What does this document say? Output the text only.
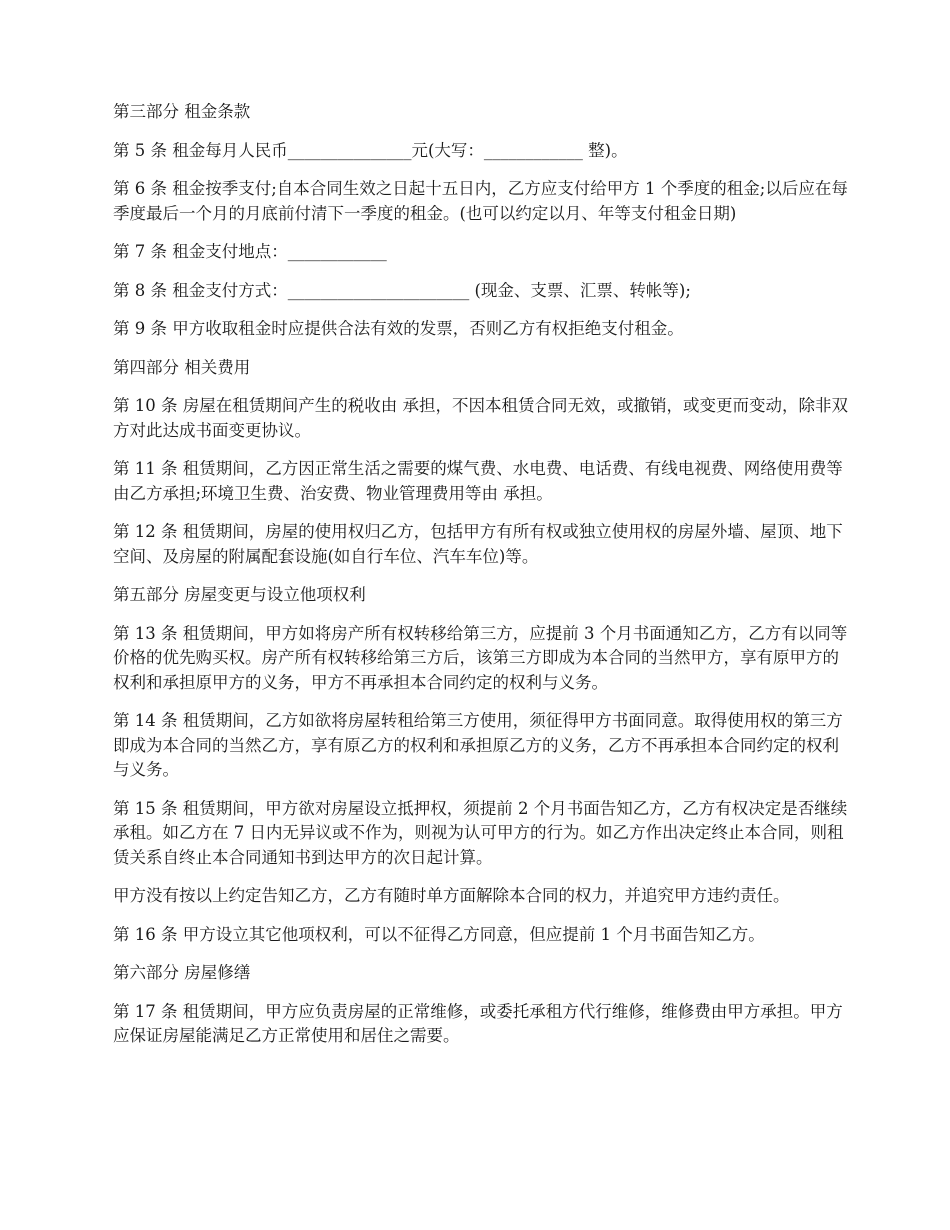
第三部分 租金条款

第 5 条 租金每月人民币_______________元(大写：____________ 整)。

第 6 条 租金按季支付;自本合同生效之日起十五日内，乙方应支付给甲方 1 个季度的租金;以后应在每季度最后一个月的月底前付清下一季度的租金。(也可以约定以月、年等支付租金日期)

第 7 条 租金支付地点：____________

第 8 条 租金支付方式：______________________ (现金、支票、汇票、转帐等);

第 9 条 甲方收取租金时应提供合法有效的发票，否则乙方有权拒绝支付租金。

第四部分 相关费用

第 10 条 房屋在租赁期间产生的税收由 承担，不因本租赁合同无效，或撤销，或变更而变动，除非双方对此达成书面变更协议。

第 11 条 租赁期间，乙方因正常生活之需要的煤气费、水电费、电话费、有线电视费、网络使用费等由乙方承担;环境卫生费、治安费、物业管理费用等由 承担。

第 12 条 租赁期间，房屋的使用权归乙方，包括甲方有所有权或独立使用权的房屋外墙、屋顶、地下空间、及房屋的附属配套设施(如自行车位、汽车车位)等。

第五部分 房屋变更与设立他项权利

第 13 条 租赁期间，甲方如将房产所有权转移给第三方，应提前 3 个月书面通知乙方，乙方有以同等价格的优先购买权。房产所有权转移给第三方后，该第三方即成为本合同的当然甲方，享有原甲方的权利和承担原甲方的义务，甲方不再承担本合同约定的权利与义务。

第 14 条 租赁期间，乙方如欲将房屋转租给第三方使用，须征得甲方书面同意。取得使用权的第三方即成为本合同的当然乙方，享有原乙方的权利和承担原乙方的义务，乙方不再承担本合同约定的权利与义务。

第 15 条 租赁期间，甲方欲对房屋设立抵押权，须提前 2 个月书面告知乙方，乙方有权决定是否继续承租。如乙方在 7 日内无异议或不作为，则视为认可甲方的行为。如乙方作出决定终止本合同，则租赁关系自终止本合同通知书到达甲方的次日起计算。

甲方没有按以上约定告知乙方，乙方有随时单方面解除本合同的权力，并追究甲方违约责任。

第 16 条 甲方设立其它他项权利，可以不征得乙方同意，但应提前 1 个月书面告知乙方。

第六部分 房屋修缮

第 17 条 租赁期间，甲方应负责房屋的正常维修，或委托承租方代行维修，维修费由甲方承担。甲方应保证房屋能满足乙方正常使用和居住之需要。
